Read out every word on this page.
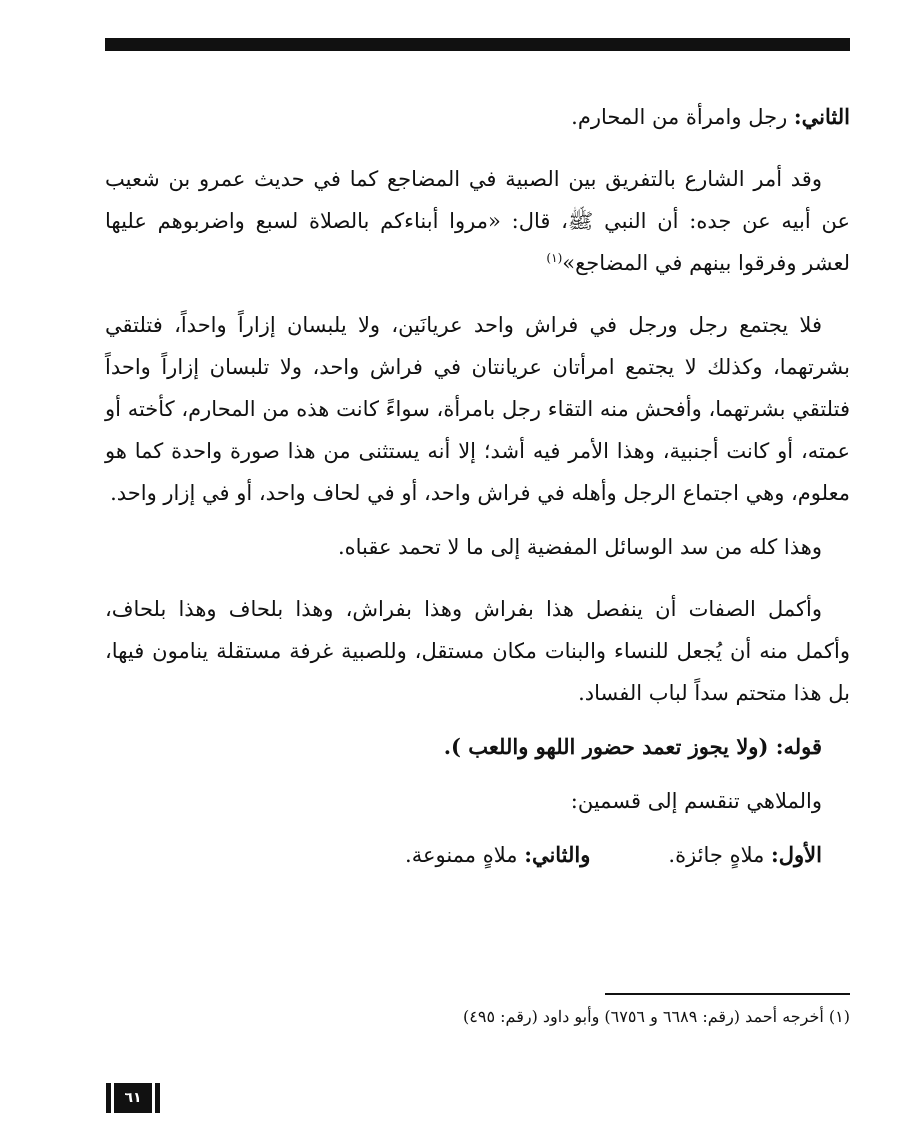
الثاني: رجل وامرأة من المحارم.

وقد أمر الشارع بالتفريق بين الصبية في المضاجع كما في حديث عمرو بن شعيب عن أبيه عن جده: أن النبي ﷺ، قال: «مروا أبناءكم بالصلاة لسبع واضربوهم عليها لعشر وفرقوا بينهم في المضاجع»$^{(١)}$

فلا يجتمع رجل ورجل في فراش واحد عريانَين، ولا يلبسان إزاراً واحداً، فتلتقي بشرتهما، وكذلك لا يجتمع امرأتان عريانتان في فراش واحد، ولا تلبسان إزاراً واحداً فتلتقي بشرتهما، وأفحش منه التقاء رجل بامرأة، سواءً كانت هذه من المحارم، كأخته أو عمته، أو كانت أجنبية، وهذا الأمر فيه أشد؛ إلا أنه يستثنى من هذا صورة واحدة كما هو معلوم، وهي اجتماع الرجل وأهله في فراش واحد، أو في لحاف واحد، أو في إزار واحد.

وهذا كله من سد الوسائل المفضية إلى ما لا تحمد عقباه.

وأكمل الصفات أن ينفصل هذا بفراش وهذا بفراش، وهذا بلحاف وهذا بلحاف، وأكمل منه أن يُجعل للنساء والبنات مكان مستقل، وللصبية غرفة مستقلة ينامون فيها، بل هذا متحتم سداً لباب الفساد.

قوله: (ولا يجوز تعمد حضور اللهو واللعب ).

والملاهي تنقسم إلى قسمين:

الأول: ملاهٍ جائزة.
والثاني: ملاهٍ ممنوعة.

(١) أخرجه أحمد (رقم: ٦٦٨٩ و ٦٧٥٦) وأبو داود (رقم: ٤٩٥)
٦١
